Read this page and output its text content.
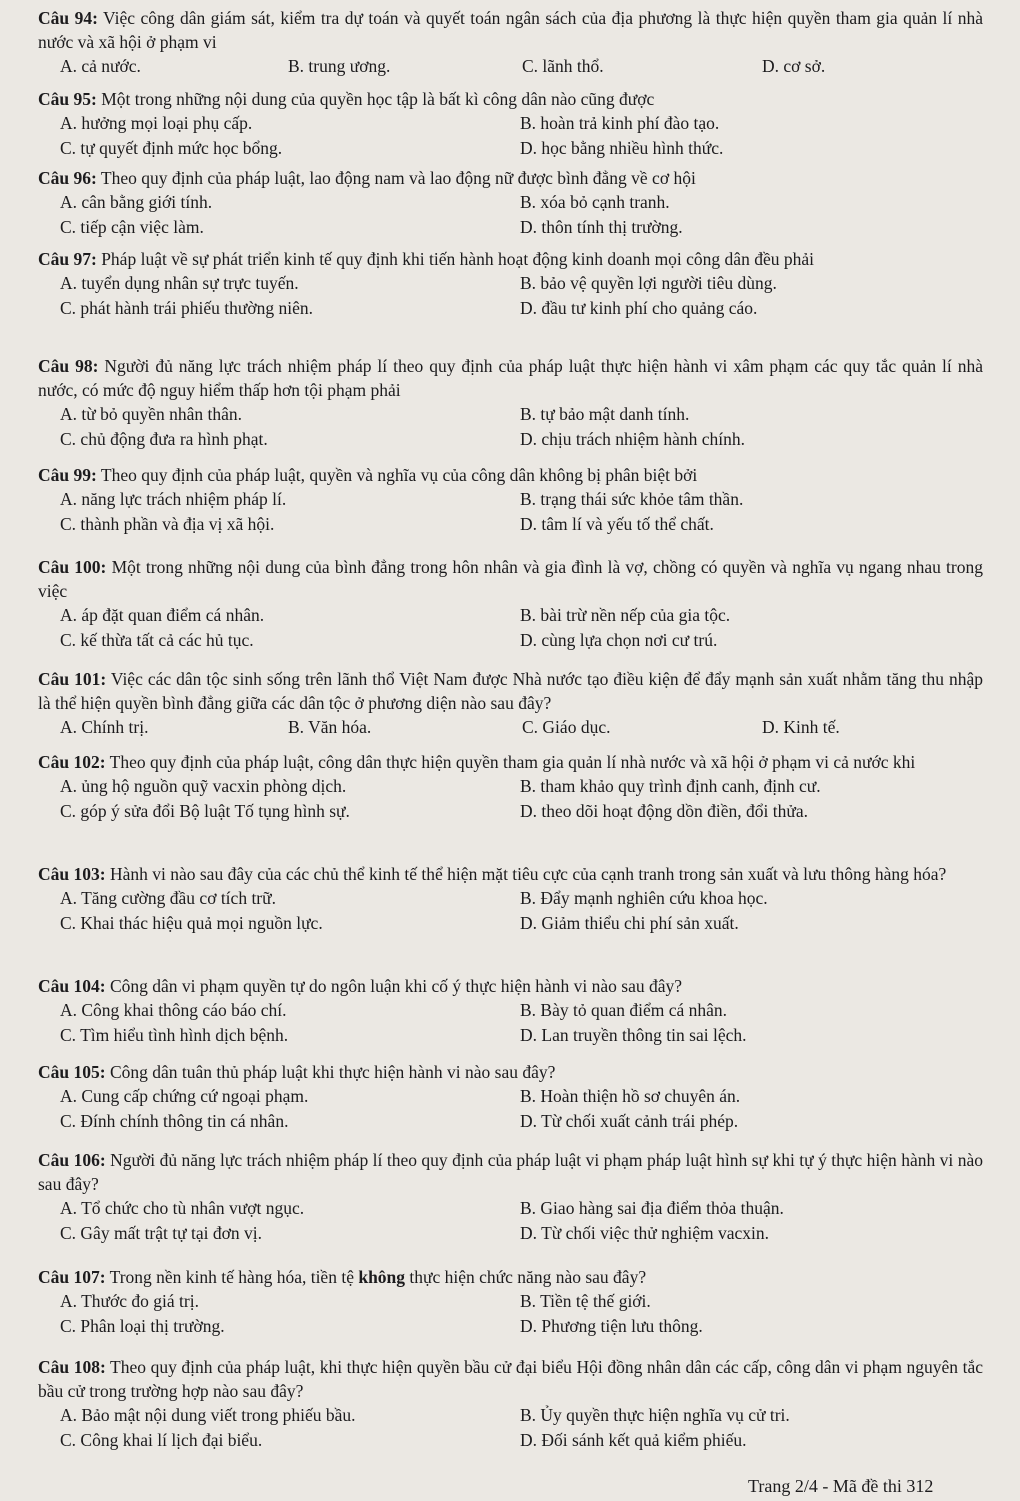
Câu 94: Việc công dân giám sát, kiểm tra dự toán và quyết toán ngân sách của địa phương là thực hiện quyền tham gia quản lí nhà nước và xã hội ở phạm vi

A. cả nước.	B. trung ương.	C. lãnh thổ.	D. cơ sở.

Câu 95: Một trong những nội dung của quyền học tập là bất kì công dân nào cũng được

A. hưởng mọi loại phụ cấp.	B. hoàn trả kinh phí đào tạo.
C. tự quyết định mức học bổng.	D. học bằng nhiều hình thức.

Câu 96: Theo quy định của pháp luật, lao động nam và lao động nữ được bình đẳng về cơ hội

A. cân bằng giới tính.	B. xóa bỏ cạnh tranh.
C. tiếp cận việc làm.	D. thôn tính thị trường.

Câu 97: Pháp luật về sự phát triển kinh tế quy định khi tiến hành hoạt động kinh doanh mọi công dân đều phải

A. tuyển dụng nhân sự trực tuyến.	B. bảo vệ quyền lợi người tiêu dùng.
C. phát hành trái phiếu thường niên.	D. đầu tư kinh phí cho quảng cáo.

Câu 98: Người đủ năng lực trách nhiệm pháp lí theo quy định của pháp luật thực hiện hành vi xâm phạm các quy tắc quản lí nhà nước, có mức độ nguy hiểm thấp hơn tội phạm phải

A. từ bỏ quyền nhân thân.	B. tự bảo mật danh tính.
C. chủ động đưa ra hình phạt.	D. chịu trách nhiệm hành chính.

Câu 99: Theo quy định của pháp luật, quyền và nghĩa vụ của công dân không bị phân biệt bởi

A. năng lực trách nhiệm pháp lí.	B. trạng thái sức khỏe tâm thần.
C. thành phần và địa vị xã hội.	D. tâm lí và yếu tố thể chất.

Câu 100: Một trong những nội dung của bình đẳng trong hôn nhân và gia đình là vợ, chồng có quyền và nghĩa vụ ngang nhau trong việc

A. áp đặt quan điểm cá nhân.	B. bài trừ nền nếp của gia tộc.
C. kế thừa tất cả các hủ tục.	D. cùng lựa chọn nơi cư trú.

Câu 101: Việc các dân tộc sinh sống trên lãnh thổ Việt Nam được Nhà nước tạo điều kiện để đẩy mạnh sản xuất nhằm tăng thu nhập là thể hiện quyền bình đẳng giữa các dân tộc ở phương diện nào sau đây?

A. Chính trị.	B. Văn hóa.	C. Giáo dục.	D. Kinh tế.

Câu 102: Theo quy định của pháp luật, công dân thực hiện quyền tham gia quản lí nhà nước và xã hội ở phạm vi cả nước khi

A. ủng hộ nguồn quỹ vacxin phòng dịch.	B. tham khảo quy trình định canh, định cư.
C. góp ý sửa đổi Bộ luật Tố tụng hình sự.	D. theo dõi hoạt động dồn điền, đổi thửa.

Câu 103: Hành vi nào sau đây của các chủ thể kinh tế thể hiện mặt tiêu cực của cạnh tranh trong sản xuất và lưu thông hàng hóa?

A. Tăng cường đầu cơ tích trữ.	B. Đẩy mạnh nghiên cứu khoa học.
C. Khai thác hiệu quả mọi nguồn lực.	D. Giảm thiểu chi phí sản xuất.

Câu 104: Công dân vi phạm quyền tự do ngôn luận khi cố ý thực hiện hành vi nào sau đây?

A. Công khai thông cáo báo chí.	B. Bày tỏ quan điểm cá nhân.
C. Tìm hiểu tình hình dịch bệnh.	D. Lan truyền thông tin sai lệch.

Câu 105: Công dân tuân thủ pháp luật khi thực hiện hành vi nào sau đây?

A. Cung cấp chứng cứ ngoại phạm.	B. Hoàn thiện hồ sơ chuyên án.
C. Đính chính thông tin cá nhân.	D. Từ chối xuất cảnh trái phép.

Câu 106: Người đủ năng lực trách nhiệm pháp lí theo quy định của pháp luật vi phạm pháp luật hình sự khi tự ý thực hiện hành vi nào sau đây?

A. Tổ chức cho tù nhân vượt ngục.	B. Giao hàng sai địa điểm thỏa thuận.
C. Gây mất trật tự tại đơn vị.	D. Từ chối việc thử nghiệm vacxin.

Câu 107: Trong nền kinh tế hàng hóa, tiền tệ không thực hiện chức năng nào sau đây?

A. Thước đo giá trị.	B. Tiền tệ thế giới.
C. Phân loại thị trường.	D. Phương tiện lưu thông.

Câu 108: Theo quy định của pháp luật, khi thực hiện quyền bầu cử đại biểu Hội đồng nhân dân các cấp, công dân vi phạm nguyên tắc bầu cử trong trường hợp nào sau đây?

A. Bảo mật nội dung viết trong phiếu bầu.	B. Ủy quyền thực hiện nghĩa vụ cử tri.
C. Công khai lí lịch đại biểu.	D. Đối sánh kết quả kiểm phiếu.
Trang 2/4 - Mã đề thi 312
